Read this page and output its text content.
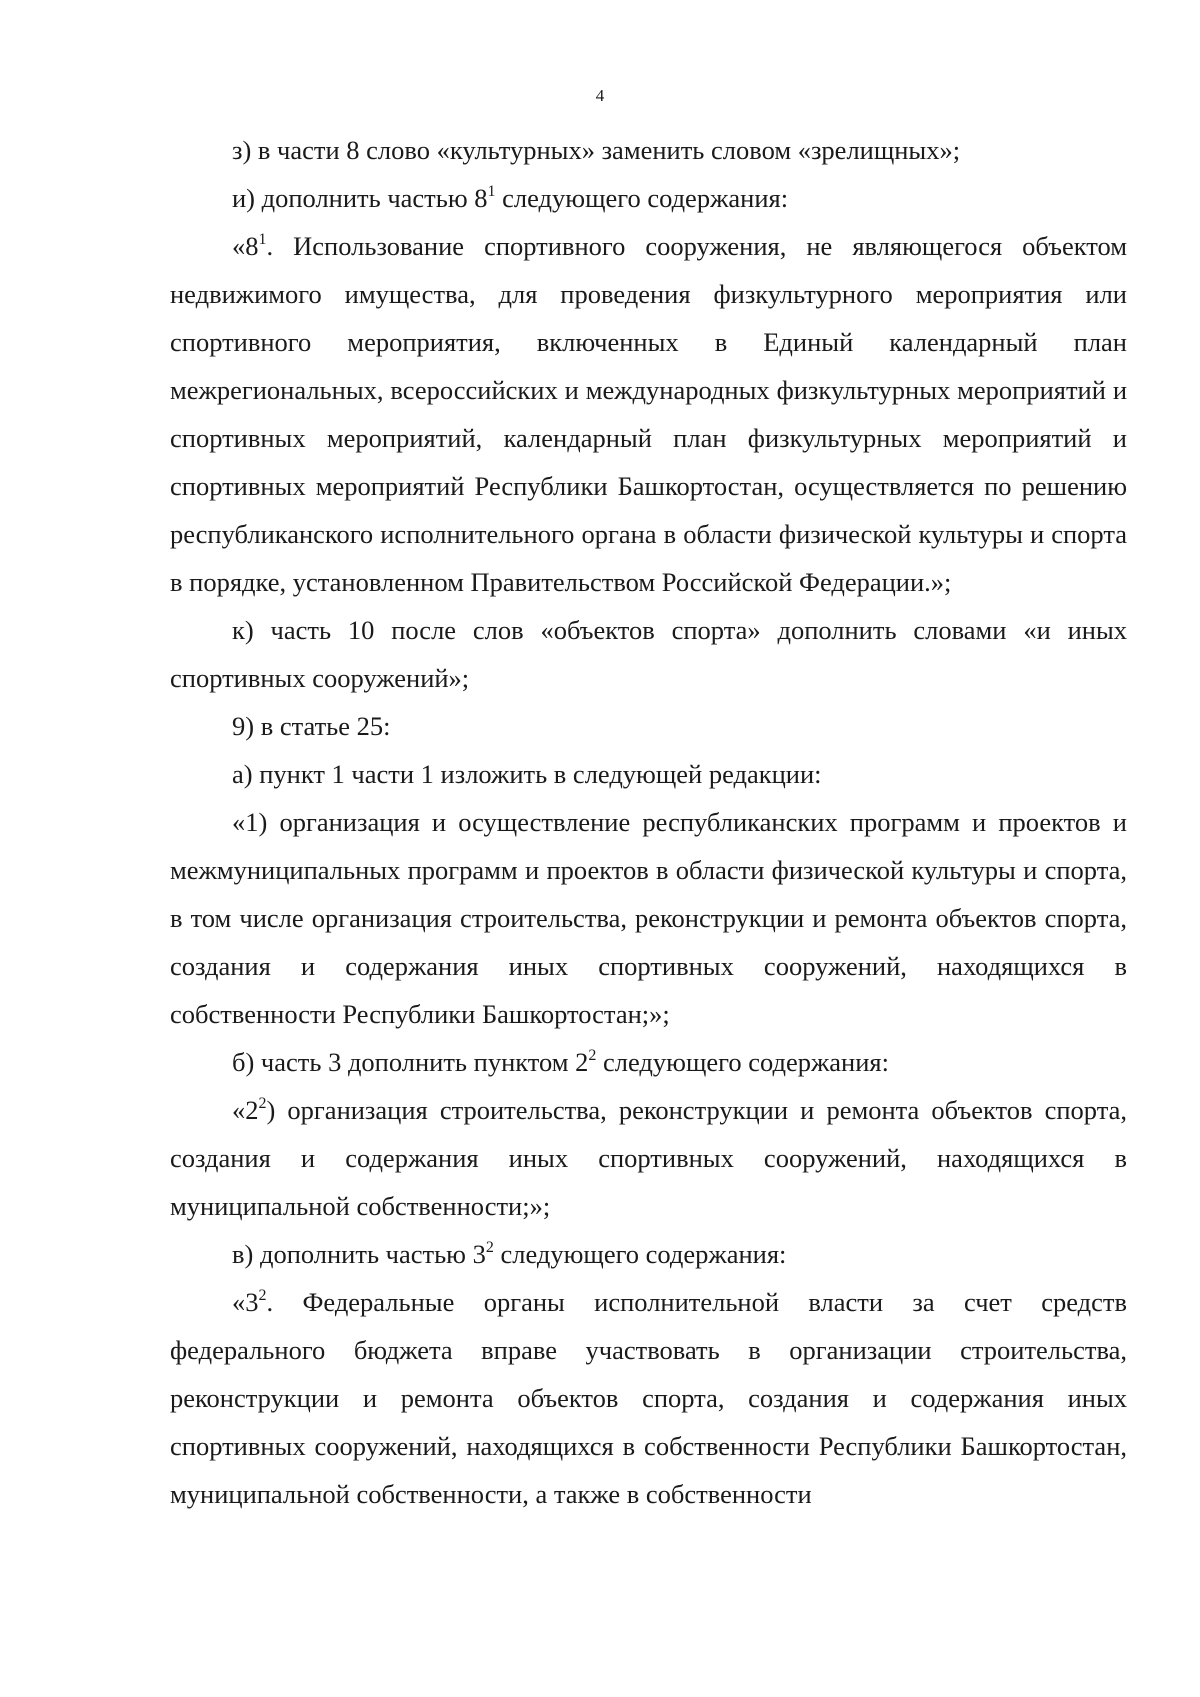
4

з) в части 8 слово «культурных» заменить словом «зрелищных»;

и) дополнить частью $8^1$ следующего содержания:

«$8^1$. Использование спортивного сооружения, не являющегося объектом недвижимого имущества, для проведения физкультурного мероприятия или спортивного мероприятия, включенных в Единый календарный план межрегиональных, всероссийских и международных физкультурных мероприятий и спортивных мероприятий, календарный план физкультурных мероприятий и спортивных мероприятий Республики Башкортостан, осуществляется по решению республиканского исполнительного органа в области физической культуры и спорта в порядке, установленном Правительством Российской Федерации.»;

к) часть 10 после слов «объектов спорта» дополнить словами «и иных спортивных сооружений»;

9) в статье 25:

а) пункт 1 части 1 изложить в следующей редакции:

«1) организация и осуществление республиканских программ и проектов и межмуниципальных программ и проектов в области физической культуры и спорта, в том числе организация строительства, реконструкции и ремонта объектов спорта, создания и содержания иных спортивных сооружений, находящихся в собственности Республики Башкортостан;»;

б) часть 3 дополнить пунктом $2^2$ следующего содержания:

«$2^2$) организация строительства, реконструкции и ремонта объектов спорта, создания и содержания иных спортивных сооружений, находящихся в муниципальной собственности;»;

в) дополнить частью $3^2$ следующего содержания:

«$3^2$. Федеральные органы исполнительной власти за счет средств федерального бюджета вправе участвовать в организации строительства, реконструкции и ремонта объектов спорта, создания и содержания иных спортивных сооружений, находящихся в собственности Республики Башкортостан, муниципальной собственности, а также в собственности
